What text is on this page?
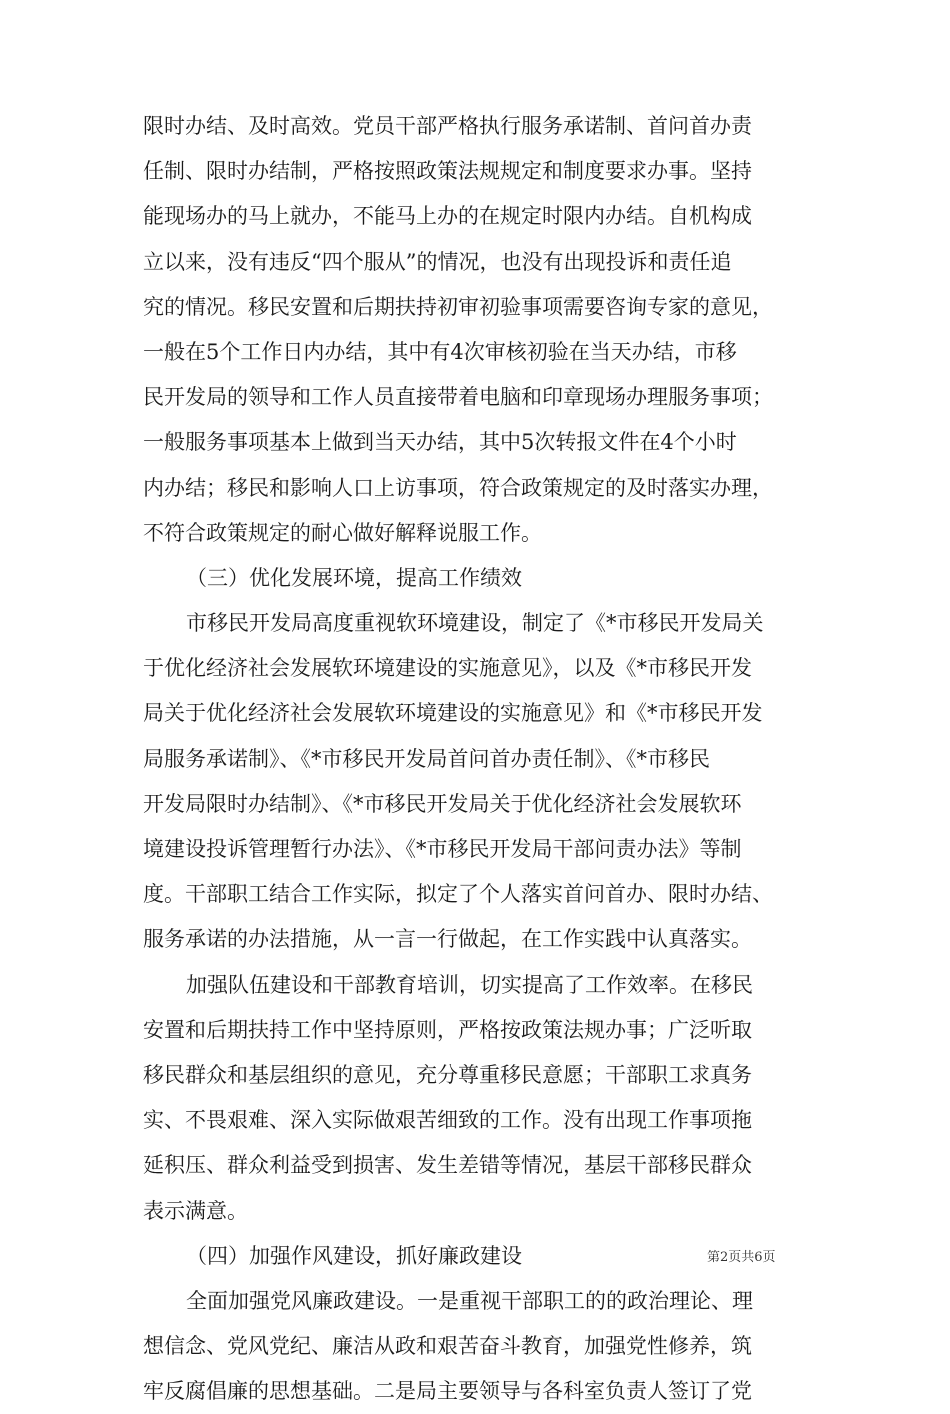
限时办结、及时高效。党员干部严格执行服务承诺制、首问首办责
任制、限时办结制，严格按照政策法规规定和制度要求办事。坚持
能现场办的马上就办，不能马上办的在规定时限内办结。自机构成
立以来，没有违反“四个服从”的情况，也没有出现投诉和责任追
究的情况。移民安置和后期扶持初审初验事项需要咨询专家的意见，
一般在5个工作日内办结，其中有4次审核初验在当天办结，市移
民开发局的领导和工作人员直接带着电脑和印章现场办理服务事项；
一般服务事项基本上做到当天办结，其中5次转报文件在4个小时
内办结；移民和影响人口上访事项，符合政策规定的及时落实办理，
不符合政策规定的耐心做好解释说服工作。
（三）优化发展环境，提高工作绩效
市移民开发局高度重视软环境建设，制定了《*市移民开发局关
于优化经济社会发展软环境建设的实施意见》，以及《*市移民开发
局关于优化经济社会发展软环境建设的实施意见》和《*市移民开发
局服务承诺制》、《*市移民开发局首问首办责任制》、《*市移民
开发局限时办结制》、《*市移民开发局关于优化经济社会发展软环
境建设投诉管理暂行办法》、《*市移民开发局干部问责办法》等制
度。干部职工结合工作实际，拟定了个人落实首问首办、限时办结、
服务承诺的办法措施，从一言一行做起，在工作实践中认真落实。
加强队伍建设和干部教育培训，切实提高了工作效率。在移民
安置和后期扶持工作中坚持原则，严格按政策法规办事；广泛听取
移民群众和基层组织的意见，充分尊重移民意愿；干部职工求真务
实、不畏艰难、深入实际做艰苦细致的工作。没有出现工作事项拖
延积压、群众利益受到损害、发生差错等情况，基层干部移民群众
表示满意。
（四）加强作风建设，抓好廉政建设
全面加强党风廉政建设。一是重视干部职工的的政治理论、理
想信念、党风党纪、廉洁从政和艰苦奋斗教育，加强党性修养，筑
牢反腐倡廉的思想基础。二是局主要领导与各科室负责人签订了党
第2页共6页
